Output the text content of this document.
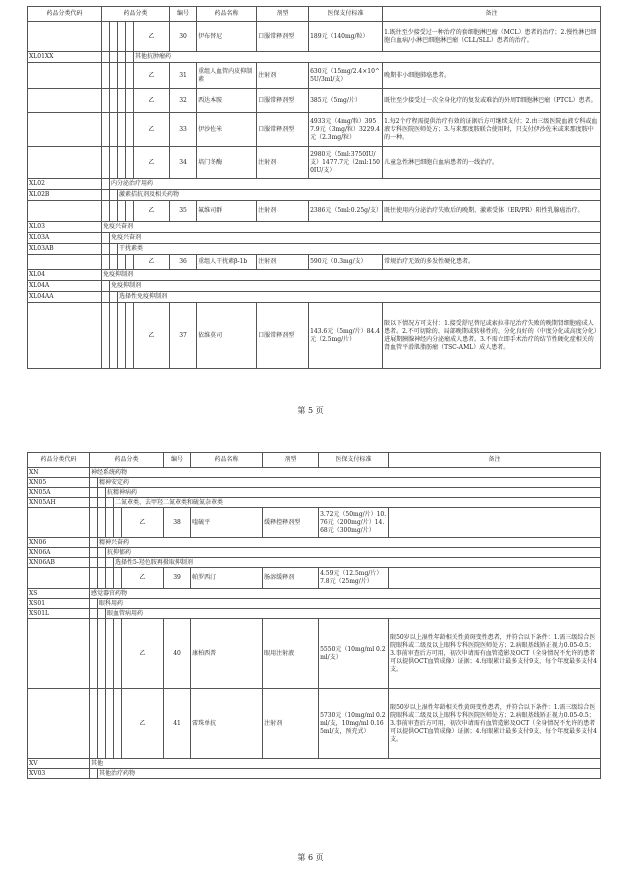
药品分类代码	药品分类					编号	药品名称	剂型	医保支付标准	备注
					乙	30	伊布替尼	口服常释剂型	189元（140mg/粒）	1.既往至少接受过一种治疗的套细胞淋巴瘤（MCL）患者的治疗；2.慢性淋巴细胞白血病/小淋巴细胞淋巴瘤（CLL/SLL）患者的治疗。
XL01XX					其他抗肿瘤药					
					乙	31	重组人血管内皮抑制素	注射剂	630元（15mg/2.4×10^5U/3ml/支）	晚期非小细胞肺癌患者。
					乙	32	西达本胺	口服常释剂型	385元（5mg/片）	既往至少接受过一次全身化疗的复发或难治的外周T细胞淋巴瘤（PTCL）患者。
					乙	33	伊沙佐米	口服常释剂型	4933元（4mg/粒）3957.9元（3mg/粒）3229.4元（2.3mg/粒）	1.每2个疗程需提供治疗有效的证据后方可继续支付；2.由三级医院血液专科或血液专科医院医师处方；3.与来那度胺联合使用时，只支付伊沙佐米或来那度胺中的一种。
					乙	34	培门冬酶	注射剂	2980元（5ml:3750IU/支）1477.7元（2ml:1500IU/支）	儿童急性淋巴细胞白血病患者的一线治疗。
XL02		内分泌治疗用药								
XL02B			激素拮抗剂及相关药物							
					乙	35	氟维司群	注射剂	2386元（5ml:0.25g/支）	既往使用内分泌治疗失败后的晚期、激素受体（ER/PR）阳性乳腺癌治疗。
XL03	免疫兴奋剂									
XL03A		免疫兴奋剂								
XL03AB			干扰素类							
					乙	36	重组人干扰素β-1b	注射剂	590元（0.3mg/支）	常规治疗无效的多发性硬化患者。
XL04	免疫抑制剂									
XL04A		免疫抑制剂								
XL04AA			选择性免疫抑制剂							
					乙	37	依维莫司	口服常释剂型	143.6元（5mg/片）84.4元（2.5mg/片）	限以下情况方可支付：1.接受舒尼替尼或索拉非尼治疗失败的晚期肾细胞癌成人患者。2.不可切除的、局部晚期或转移性的、分化良好的（中度分化或高度分化）进展期胰腺神经内分泌瘤成人患者。3.不需立即手术治疗的结节性硬化症相关的肾血管平滑肌脂肪瘤（TSC-AML）成人患者。
第 5 页
药品分类代码	药品分类					编号	药品名称	剂型	医保支付标准	备注
XN	神经系统药物									
XN05		精神安定药								
XN05A			抗精神病药							
XN05AH				二氮䓬类、去甲羟二氮䓬类和硫氮杂䓬类						
					乙	38	喹硫平	缓释控释剂型	3.72元（50mg/片）10.76元（200mg/片）14.68元（300mg/片）	
XN06		精神兴奋药								
XN06A			抗抑郁药							
XN06AB				选择性5-羟色胺再摄取抑制剂						
					乙	39	帕罗西汀	肠溶缓释剂	4.59元（12.5mg/片）7.8元（25mg/片）	
XS	感觉器官药物									
XS01		眼科用药								
XS01L			眼血管病用药							
					乙	40	康柏西普	眼用注射液	5550元（10mg/ml 0.2ml/支）	限50岁以上湿性年龄相关性黄斑变性患者，并符合以下条件：1.需三级综合医院眼科或二级及以上眼科专科医院医师处方；2.病眼基线矫正视力0.05-0.5；3.事前审查后方可用，初次申请需有血管造影及OCT（全身情况不允许的患者可以提供OCT血管成像）证据；4.每眼累计最多支付9支，每个年度最多支付4支。
					乙	41	雷珠单抗	注射剂	5730元（10mg/ml 0.2ml/支，10mg/ml 0.165ml/支，预充式）	限50岁以上湿性年龄相关性黄斑变性患者，并符合以下条件：1.需三级综合医院眼科或二级及以上眼科专科医院医师处方；2.病眼基线矫正视力0.05-0.5；3.事前审查后方可用，初次申请需有血管造影及OCT（全身情况不允许的患者可以提供OCT血管成像）证据；4.每眼累计最多支付9支，每个年度最多支付4支。
XV	其他									
XV03		其他治疗药物								
第 6 页
